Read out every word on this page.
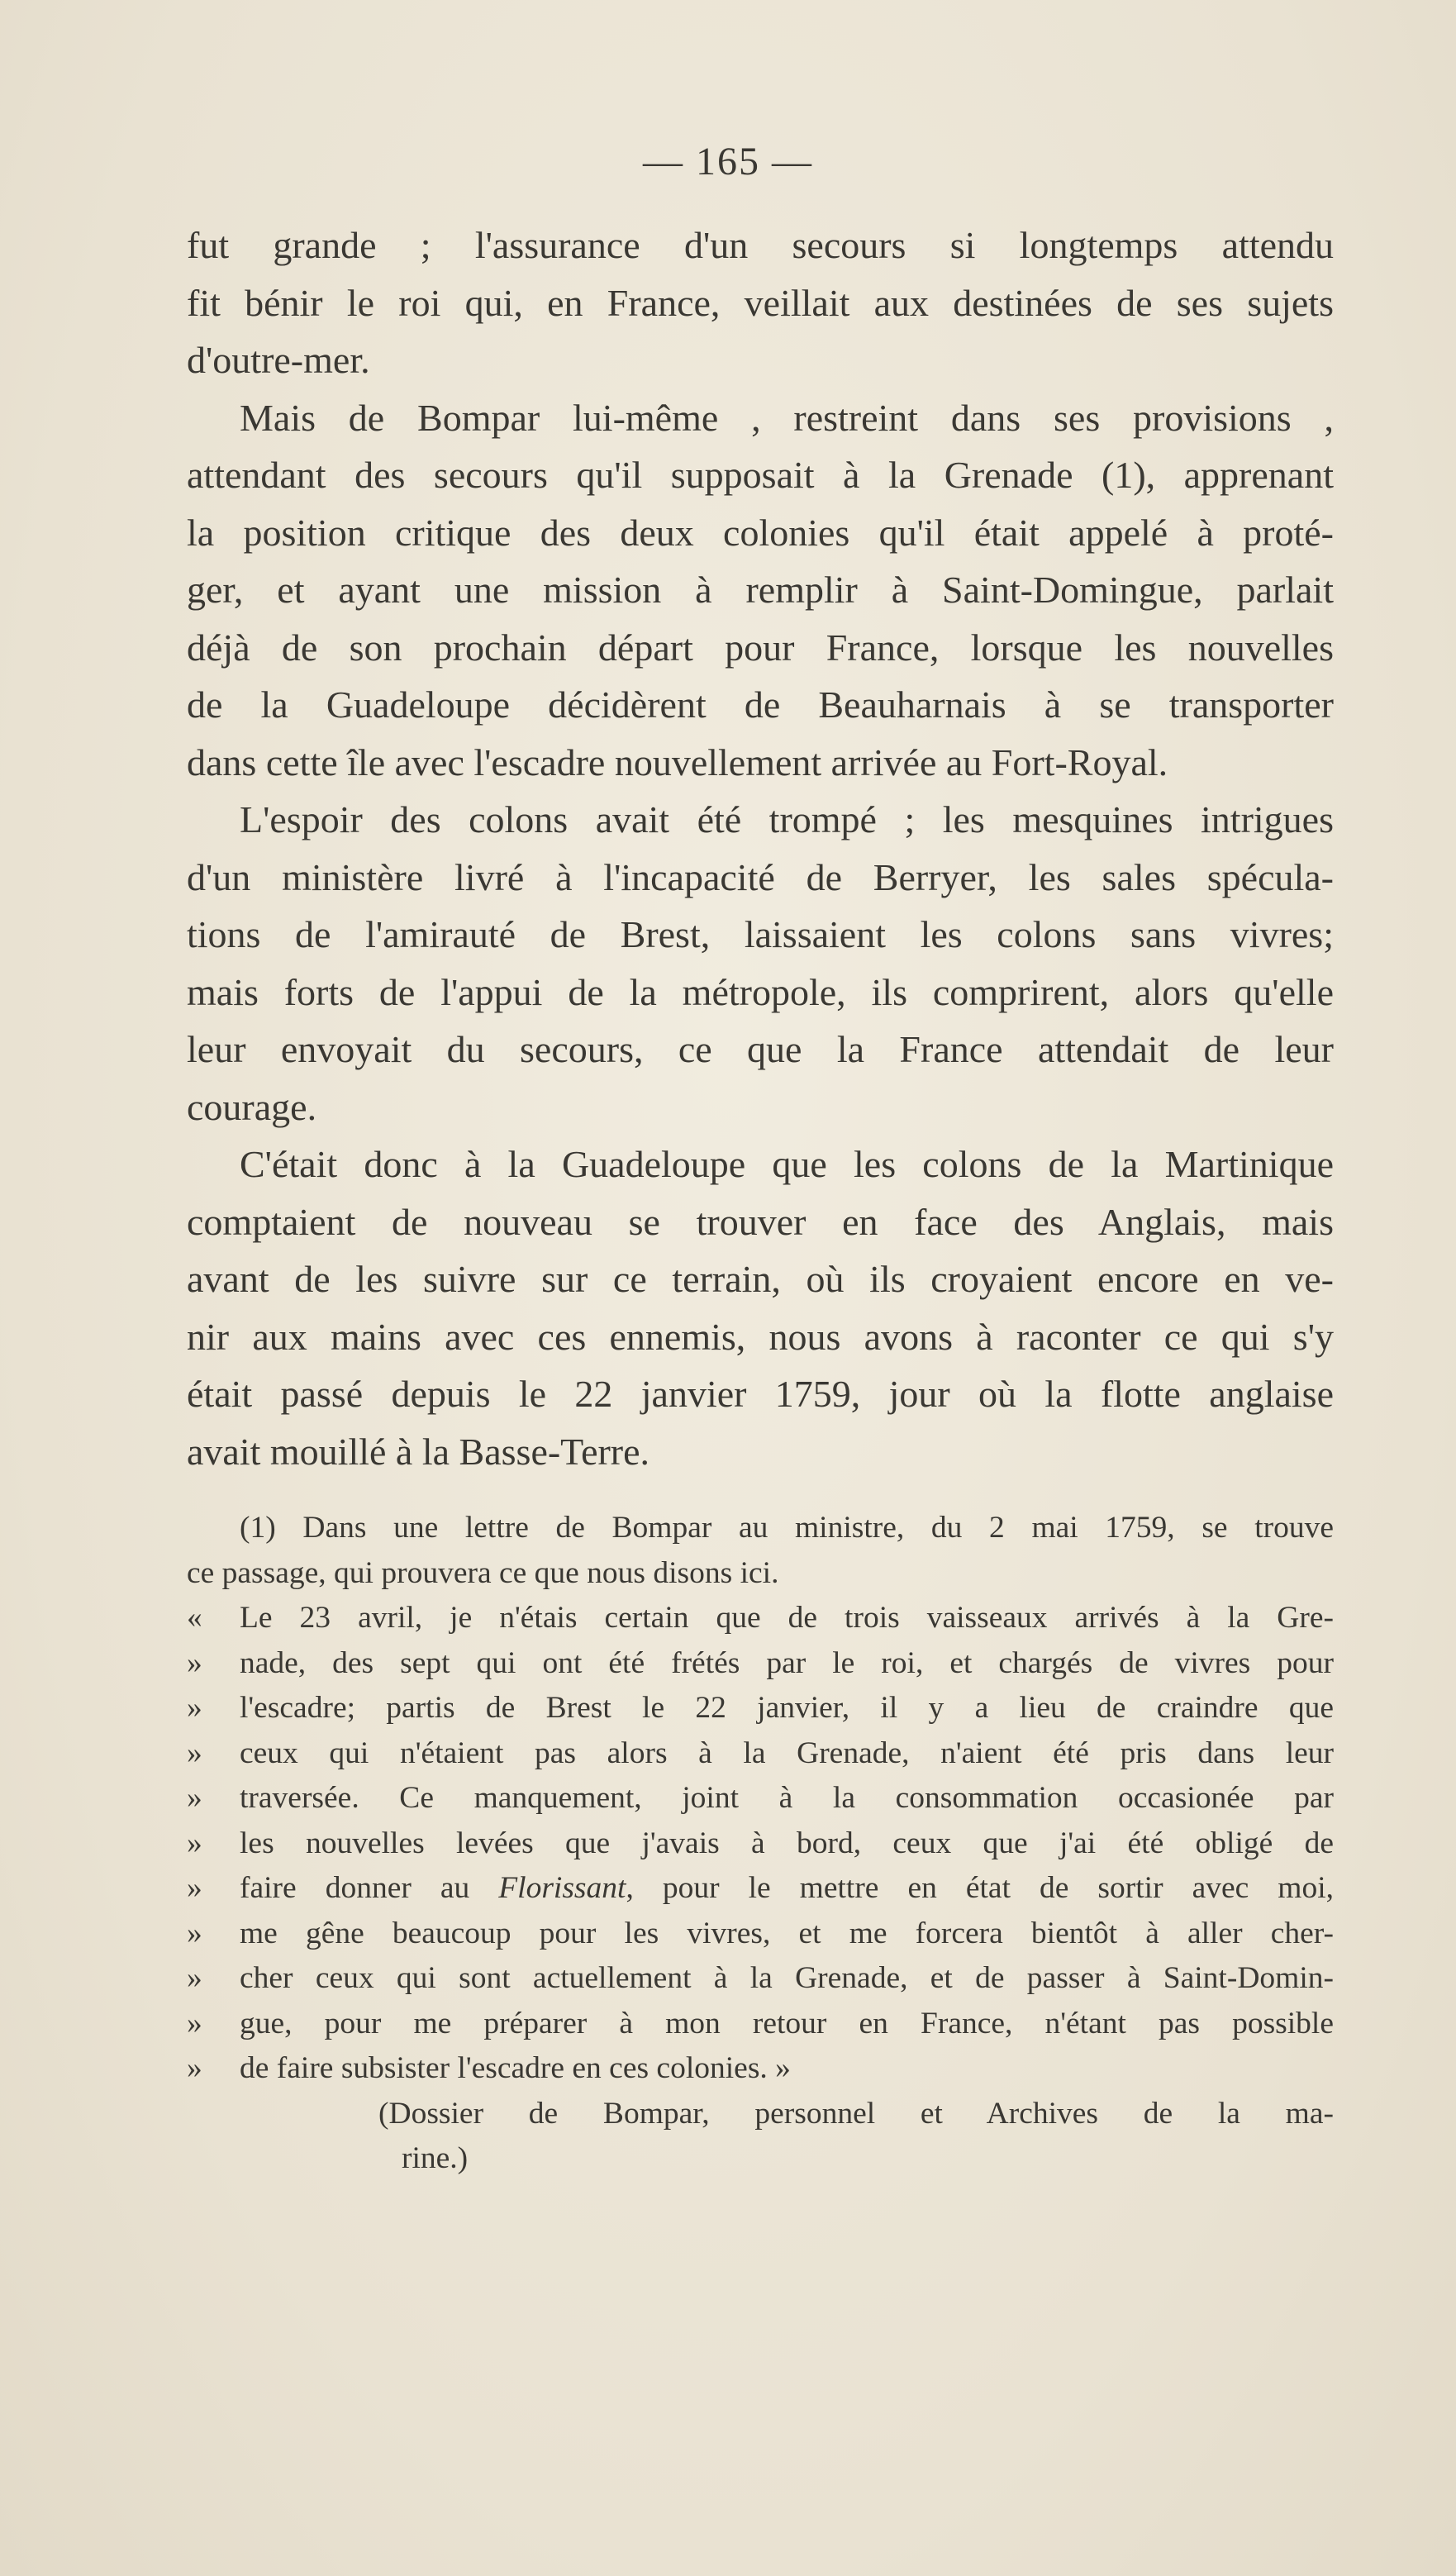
— 165 —
fut grande ; l'assurance d'un secours si longtemps attendu
fit bénir le roi qui, en France, veillait aux destinées de ses sujets
d'outre-mer.
Mais de Bompar lui-même , restreint dans ses provisions ,
attendant des secours qu'il supposait à la Grenade (1), apprenant
la position critique des deux colonies qu'il était appelé à proté-
ger, et ayant une mission à remplir à Saint-Domingue, parlait
déjà de son prochain départ pour France, lorsque les nouvelles
de la Guadeloupe décidèrent de Beauharnais à se transporter
dans cette île avec l'escadre nouvellement arrivée au Fort-Royal.
L'espoir des colons avait été trompé ; les mesquines intrigues
d'un ministère livré à l'incapacité de Berryer, les sales spécula-
tions de l'amirauté de Brest, laissaient les colons sans vivres;
mais forts de l'appui de la métropole, ils comprirent, alors qu'elle
leur envoyait du secours, ce que la France attendait de leur
courage.
C'était donc à la Guadeloupe que les colons de la Martinique
comptaient de nouveau se trouver en face des Anglais, mais
avant de les suivre sur ce terrain, où ils croyaient encore en ve-
nir aux mains avec ces ennemis, nous avons à raconter ce qui s'y
était passé depuis le 22 janvier 1759, jour où la flotte anglaise
avait mouillé à la Basse-Terre.
(1) Dans une lettre de Bompar au ministre, du 2 mai 1759, se trouve
ce passage, qui prouvera ce que nous disons ici.
« Le 23 avril, je n'étais certain que de trois vaisseaux arrivés à la Gre-
» nade, des sept qui ont été frétés par le roi, et chargés de vivres pour
» l'escadre; partis de Brest le 22 janvier, il y a lieu de craindre que
» ceux qui n'étaient pas alors à la Grenade, n'aient été pris dans leur
» traversée. Ce manquement, joint à la consommation occasionée par
» les nouvelles levées que j'avais à bord, ceux que j'ai été obligé de
» faire donner au Florissant, pour le mettre en état de sortir avec moi,
» me gêne beaucoup pour les vivres, et me forcera bientôt à aller cher-
» cher ceux qui sont actuellement à la Grenade, et de passer à Saint-Domin-
» gue, pour me préparer à mon retour en France, n'étant pas possible
» de faire subsister l'escadre en ces colonies. »
(Dossier de Bompar, personnel et Archives de la ma-
rine.)
